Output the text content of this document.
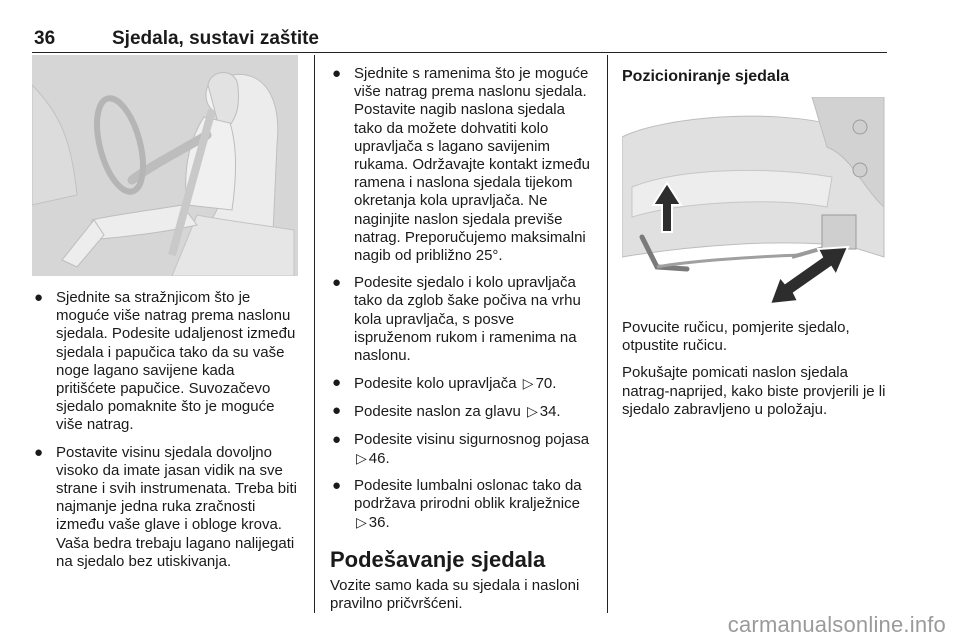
36	Sjedala, sustavi zaštite
● Sjednite sa stražnjicom što je moguće više natrag prema naslonu sjedala. Podesite udaljenost između sjedala i papučica tako da su vaše noge lagano savijene kada pritišćete papučice. Suvozačevo sjedalo pomaknite što je moguće više natrag.
● Postavite visinu sjedala dovoljno visoko da imate jasan vidik na sve strane i svih instrumenata. Treba biti najmanje jedna ruka zračnosti između vaše glave i obloge krova. Vaša bedra trebaju lagano nalijegati na sjedalo bez utiskivanja.
● Sjednite s ramenima što je moguće više natrag prema naslonu sjedala. Postavite nagib naslona sjedala tako da možete dohvatiti kolo upravljača s lagano savijenim rukama. Održavajte kontakt između ramena i naslona sjedala tijekom okretanja kola upravljača. Ne naginjite naslon sjedala previše natrag. Preporučujemo maksimalni nagib od približno 25°.
● Podesite sjedalo i kolo upravljača tako da zglob šake počiva na vrhu kola upravljača, s posve ispruženom rukom i ramenima na naslonu.
● Podesite kolo upravljača ▷ 70.
● Podesite naslon za glavu ▷ 34.
● Podesite visinu sigurnosnog pojasa ▷ 46.
● Podesite lumbalni oslonac tako da podržava prirodni oblik kralježnice ▷ 36.
Podešavanje sjedala

Vozite samo kada su sjedala i nasloni pravilno pričvršćeni.

Pozicioniranje sjedala

Povucite ručicu, pomjerite sjedalo, otpustite ručicu.

Pokušajte pomicati naslon sjedala natrag-naprijed, kako biste provjerili je li sjedalo zabravljeno u položaju.

carmanualsonline.info
